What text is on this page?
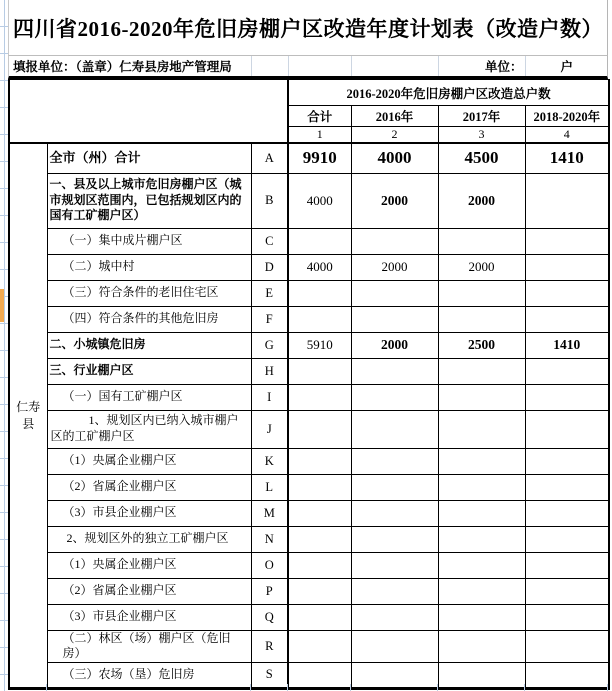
四川省2016-2020年危旧房棚户区改造年度计划表（改造户数）
填报单位：（盖章）仁寿县房地产管理局	单位：	户
			2016-2020年危旧房棚户区改造总户数			
			合计	2016年	2017年	2018-2020年
			1	2	3	4
仁寿县	全市（州）合计	A	9910	4000	4500	1410
	一、县及以上城市危旧房棚户区（城市规划区范围内，已包括规划区内的国有工矿棚户区）	B	4000	2000	2000	
	（一）集中成片棚户区	C				
	（二）城中村	D	4000	2000	2000	
	（三）符合条件的老旧住宅区	E				
	（四）符合条件的其他危旧房	F				
	二、小城镇危旧房	G	5910	2000	2500	1410
	三、行业棚户区	H				
	（一）国有工矿棚户区	I				
	1、规划区内已纳入城市棚户区的工矿棚户区	J				
	（1）央属企业棚户区	K				
	（2）省属企业棚户区	L				
	（3）市县企业棚户区	M				
	2、规划区外的独立工矿棚户区	N				
	（1）央属企业棚户区	O				
	（2）省属企业棚户区	P				
	（3）市县企业棚户区	Q				
	（二）林区（场）棚户区（危旧房）	R				
	（三）农场（垦）危旧房	S				
